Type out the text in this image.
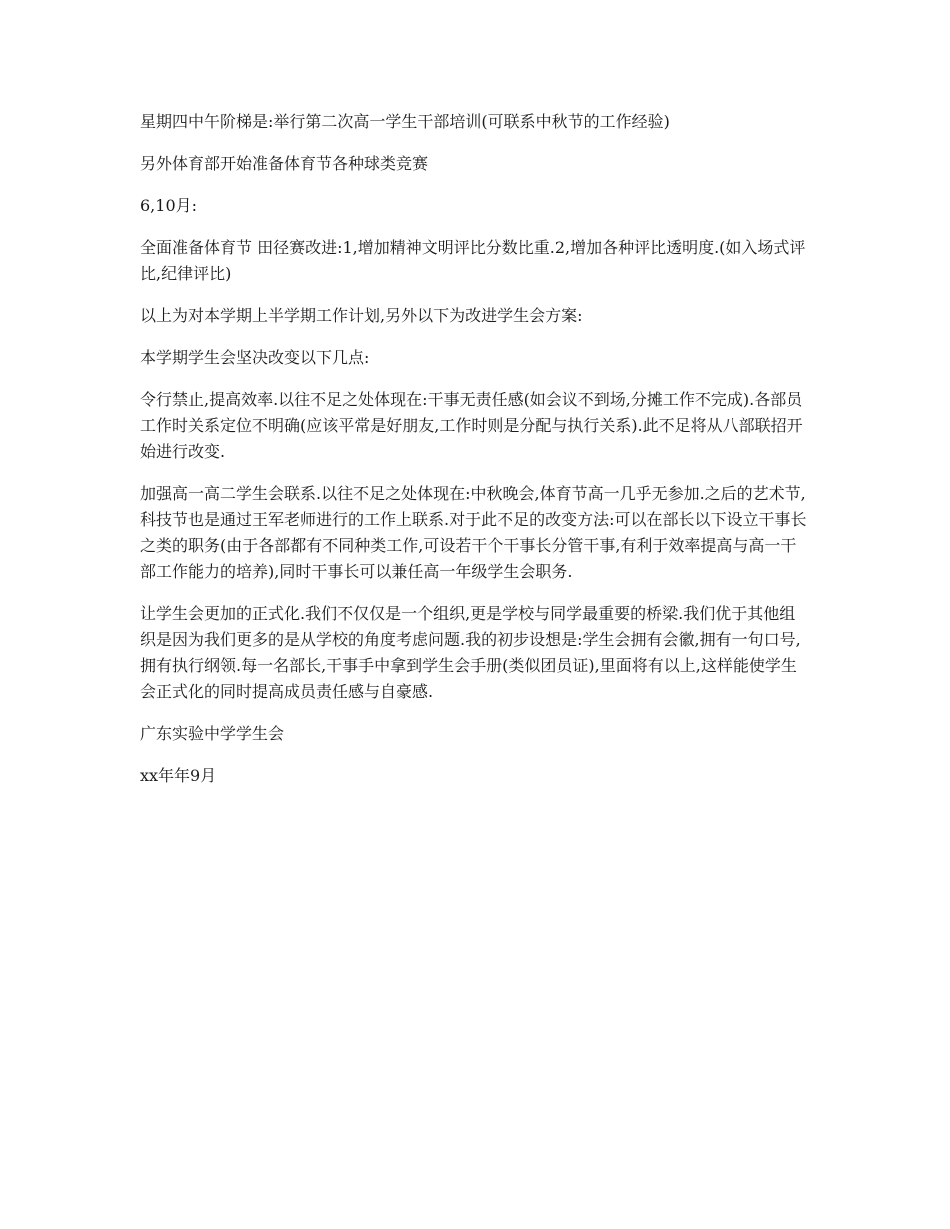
星期四中午阶梯是:举行第二次高一学生干部培训(可联系中秋节的工作经验)

另外体育部开始准备体育节各种球类竞赛

6,10月:

全面准备体育节 田径赛改进:1,增加精神文明评比分数比重.2,增加各种评比透明度.(如入场式评比,纪律评比)

以上为对本学期上半学期工作计划,另外以下为改进学生会方案:

本学期学生会坚决改变以下几点:

令行禁止,提高效率.以往不足之处体现在:干事无责任感(如会议不到场,分摊工作不完成).各部员工作时关系定位不明确(应该平常是好朋友,工作时则是分配与执行关系).此不足将从八部联招开始进行改变.

加强高一高二学生会联系.以往不足之处体现在:中秋晚会,体育节高一几乎无参加.之后的艺术节,科技节也是通过王军老师进行的工作上联系.对于此不足的改变方法:可以在部长以下设立干事长之类的职务(由于各部都有不同种类工作,可设若干个干事长分管干事,有利于效率提高与高一干部工作能力的培养),同时干事长可以兼任高一年级学生会职务.

让学生会更加的正式化.我们不仅仅是一个组织,更是学校与同学最重要的桥梁.我们优于其他组织是因为我们更多的是从学校的角度考虑问题.我的初步设想是:学生会拥有会徽,拥有一句口号,拥有执行纲领.每一名部长,干事手中拿到学生会手册(类似团员证),里面将有以上,这样能使学生会正式化的同时提高成员责任感与自豪感.

广东实验中学学生会

xx年年9月
